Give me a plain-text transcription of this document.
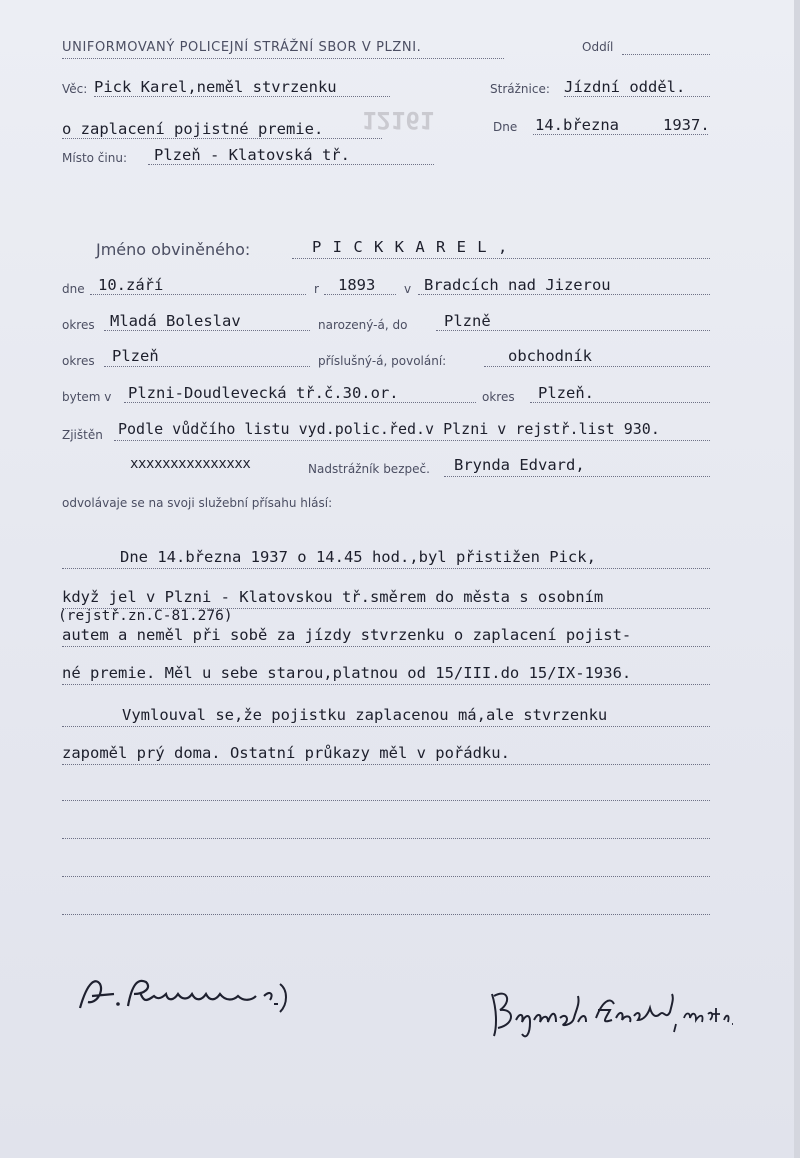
UNIFORMOVANÝ POLICEJNÍ STRÁŽNÍ SBOR V PLZNI.	Oddíl
Věc: Pick Karel,neměl stvrzenku
o zaplacení pojistné premie. 12161
Strážnice: Jízdní odděl.
Dne 14.března	1937.
Místo činu: Plzeň - Klatovská tř.
Jméno obviněného:	P I C K K A R E L ,
dne 10.září	r 1893 v Bradcích nad Jizerou
okres Mladá Boleslav	narozený-á, do Plzně
okres Plzeň	příslušný-á, povolání:	obchodník
bytem v Plzni-Doudlevecká tř.č.30.or.	okres Plzeň.
Zjištěn Podle vůdčího listu vyd.polic.řed.v Plzni v rejstř.list 930.
xxxxxxxxxxxxxxx	Nadstrážník bezpeč. Brynda Edvard,
odvolávaje se na svoji služební přísahu hlásí:
Dne 14.března 1937 o 14.45 hod.,byl přistižen Pick,
když jel v Plzni - Klatovskou tř.směrem do města s osobním
(rejstř.zn.C-81.276)
autem a neměl při sobě za jízdy stvrzenku o zaplacení pojist-
né premie. Měl u sebe starou,platnou od 15/III.do 15/IX-1936.
Vymlouval se,že pojistku zaplacenou má,ale stvrzenku
zapoměl prý doma. Ostatní průkazy měl v pořádku.
